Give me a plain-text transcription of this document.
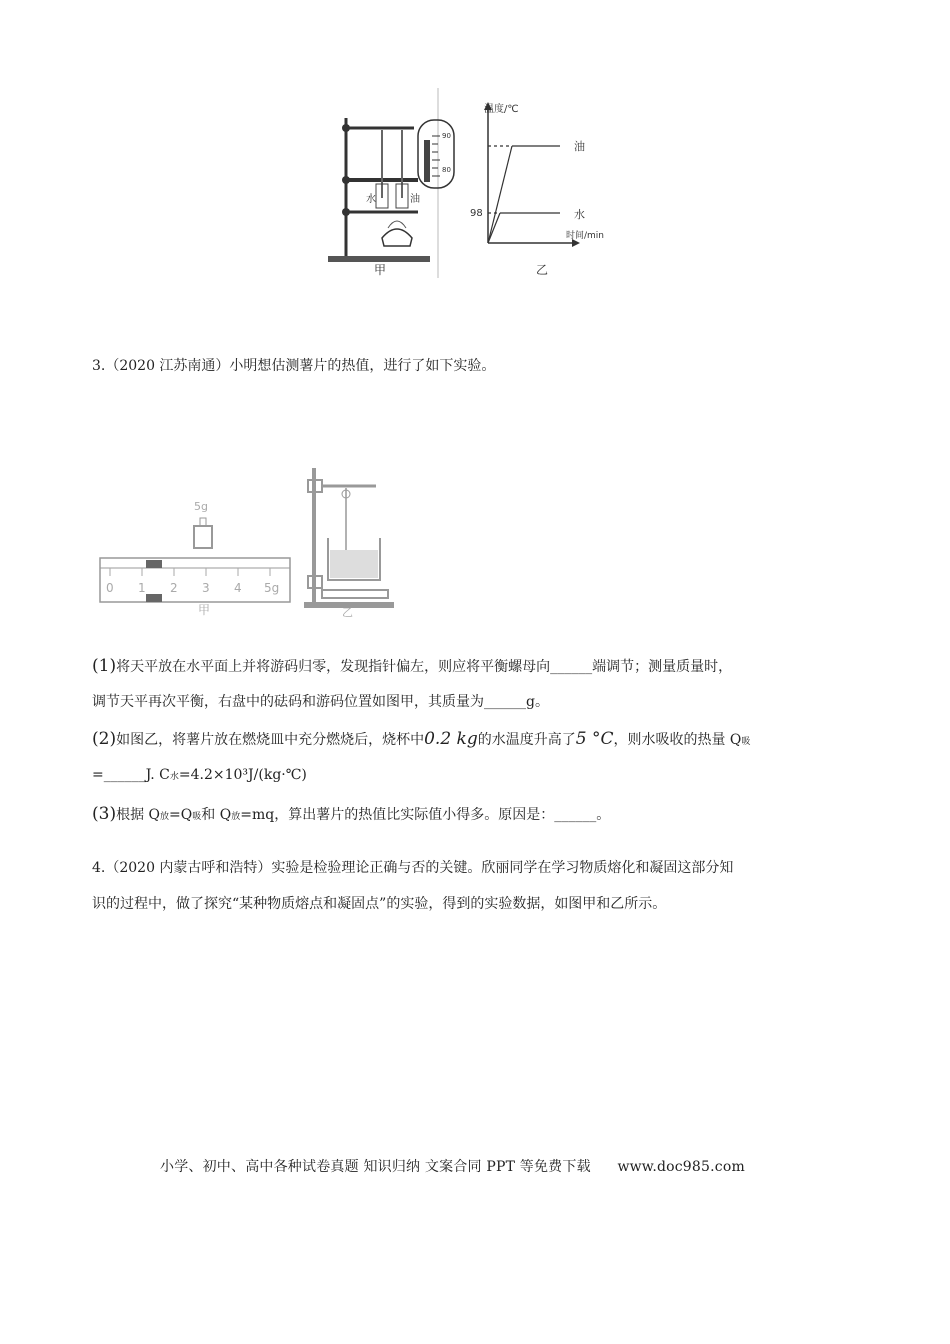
90
80
水	油
甲
温度/℃
时间/min
98
油
水
乙
3.（2020 江苏南通）小明想估测薯片的热值，进行了如下实验。
5g
0 1 2 3 4 5g
甲	乙
(1)将天平放在水平面上并将游码归零，发现指针偏左，则应将平衡螺母向______端调节；测量质量时，
调节天平再次平衡，右盘中的砝码和游码位置如图甲，其质量为______g。
(2)如图乙，将薯片放在燃烧皿中充分燃烧后，烧杯中0.2 kg的水温度升高了5 °C，则水吸收的热量 Q吸
=______J. C水=4.2×10³J/(kg·℃)
(3)根据 Q放=Q吸和 Q放=mq，算出薯片的热值比实际值小得多。原因是：______。
4.（2020 内蒙古呼和浩特）实验是检验理论正确与否的关键。欣丽同学在学习物质熔化和凝固这部分知
识的过程中，做了探究“某种物质熔点和凝固点”的实验，得到的实验数据，如图甲和乙所示。
小学、初中、高中各种试卷真题 知识归纳 文案合同 PPT 等免费下载 www.doc985.com
